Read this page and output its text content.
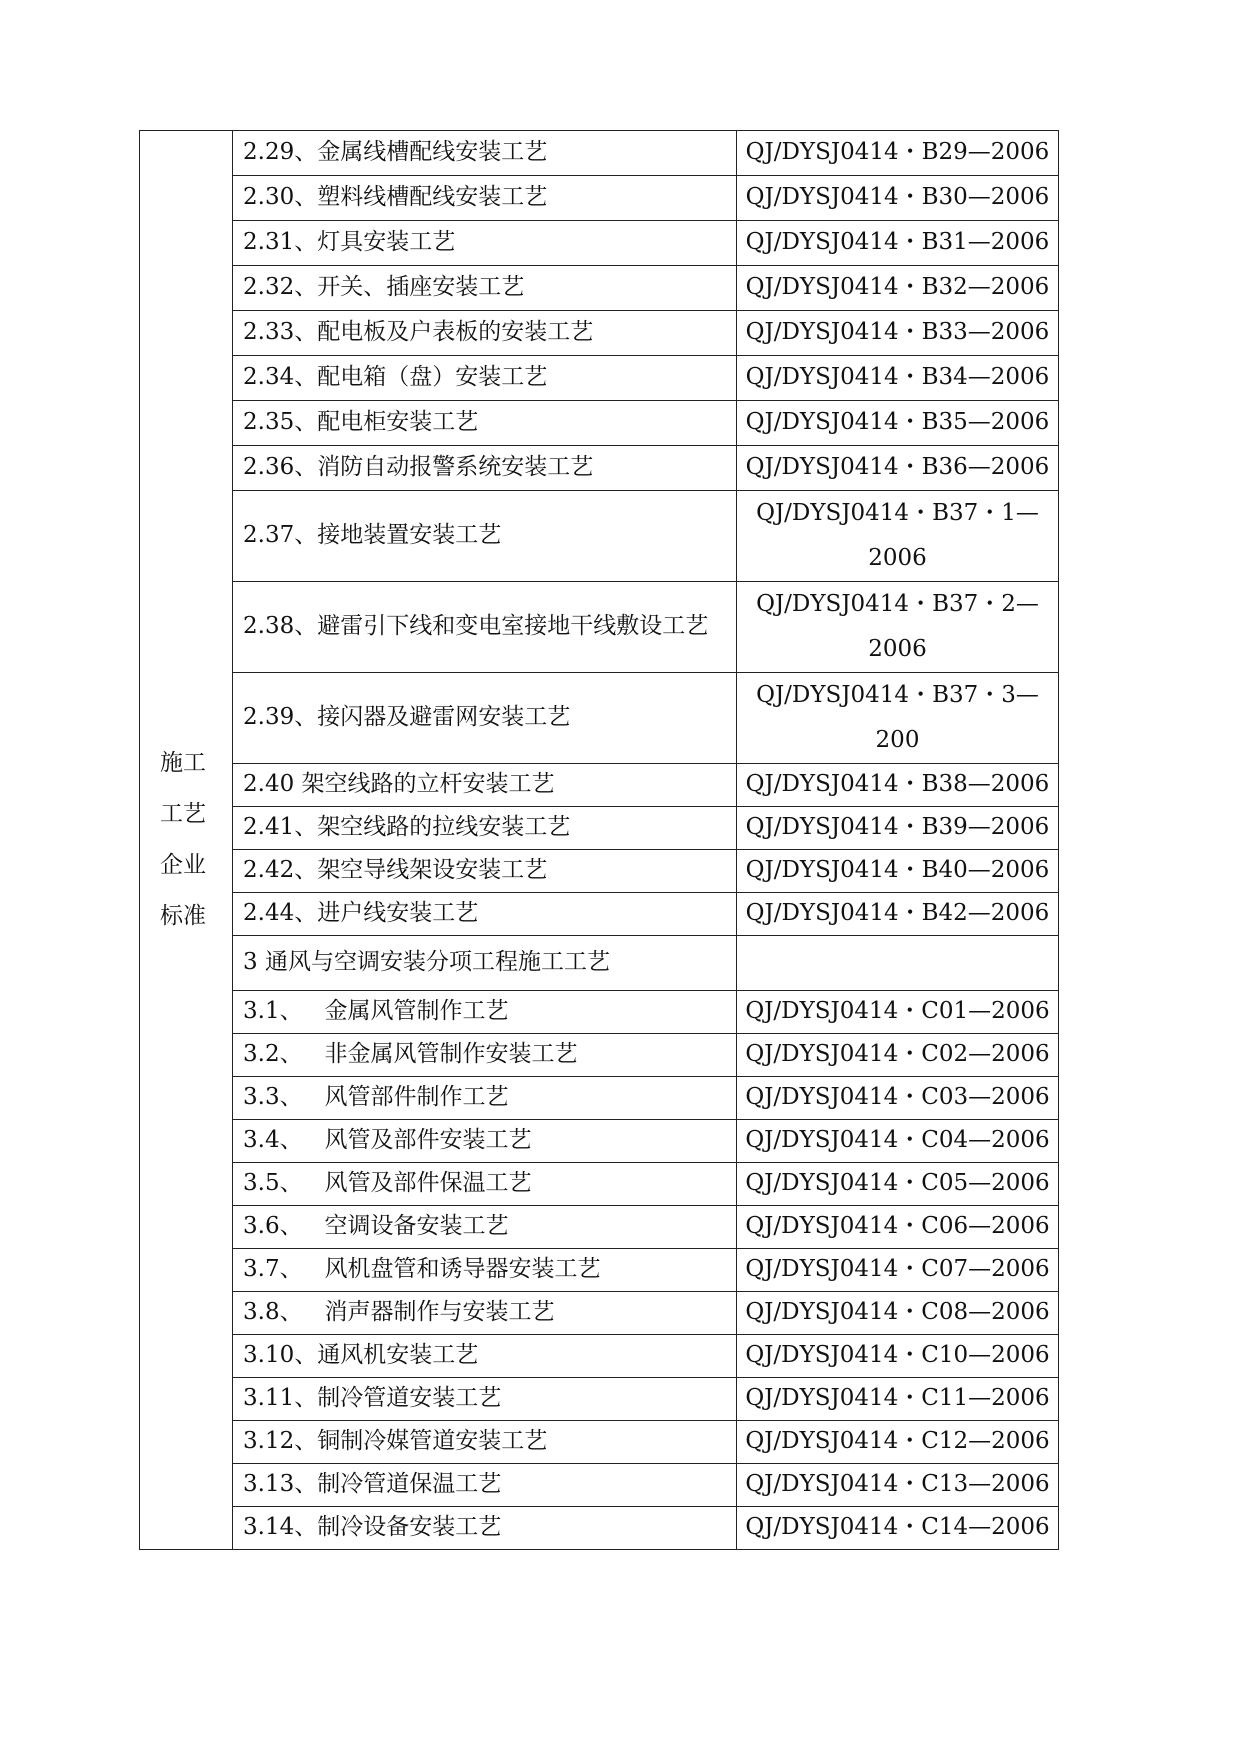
施工工艺企业标准	2.29、金属线槽配线安装工艺	QJ/DYSJ0414・B29—2006
	2.30、塑料线槽配线安装工艺	QJ/DYSJ0414・B30—2006
	2.31、灯具安装工艺	QJ/DYSJ0414・B31—2006
	2.32、开关、插座安装工艺	QJ/DYSJ0414・B32—2006
	2.33、配电板及户表板的安装工艺	QJ/DYSJ0414・B33—2006
	2.34、配电箱（盘）安装工艺	QJ/DYSJ0414・B34—2006
	2.35、配电柜安装工艺	QJ/DYSJ0414・B35—2006
	2.36、消防自动报警系统安装工艺	QJ/DYSJ0414・B36—2006
	2.37、接地装置安装工艺	QJ/DYSJ0414・B37・1—2006
	2.38、避雷引下线和变电室接地干线敷设工艺	QJ/DYSJ0414・B37・2—2006
	2.39、接闪器及避雷网安装工艺	QJ/DYSJ0414・B37・3—200
	2.40 架空线路的立杆安装工艺	QJ/DYSJ0414・B38—2006
	2.41、架空线路的拉线安装工艺	QJ/DYSJ0414・B39—2006
	2.42、架空导线架设安装工艺	QJ/DYSJ0414・B40—2006
	2.44、进户线安装工艺	QJ/DYSJ0414・B42—2006
	3 通风与空调安装分项工程施工工艺	
	3.1、   金属风管制作工艺	QJ/DYSJ0414・C01—2006
	3.2、   非金属风管制作安装工艺	QJ/DYSJ0414・C02—2006
	3.3、   风管部件制作工艺	QJ/DYSJ0414・C03—2006
	3.4、   风管及部件安装工艺	QJ/DYSJ0414・C04—2006
	3.5、   风管及部件保温工艺	QJ/DYSJ0414・C05—2006
	3.6、   空调设备安装工艺	QJ/DYSJ0414・C06—2006
	3.7、   风机盘管和诱导器安装工艺	QJ/DYSJ0414・C07—2006
	3.8、   消声器制作与安装工艺	QJ/DYSJ0414・C08—2006
	3.10、通风机安装工艺	QJ/DYSJ0414・C10—2006
	3.11、制冷管道安装工艺	QJ/DYSJ0414・C11—2006
	3.12、铜制冷媒管道安装工艺	QJ/DYSJ0414・C12—2006
	3.13、制冷管道保温工艺	QJ/DYSJ0414・C13—2006
	3.14、制冷设备安装工艺	QJ/DYSJ0414・C14—2006
